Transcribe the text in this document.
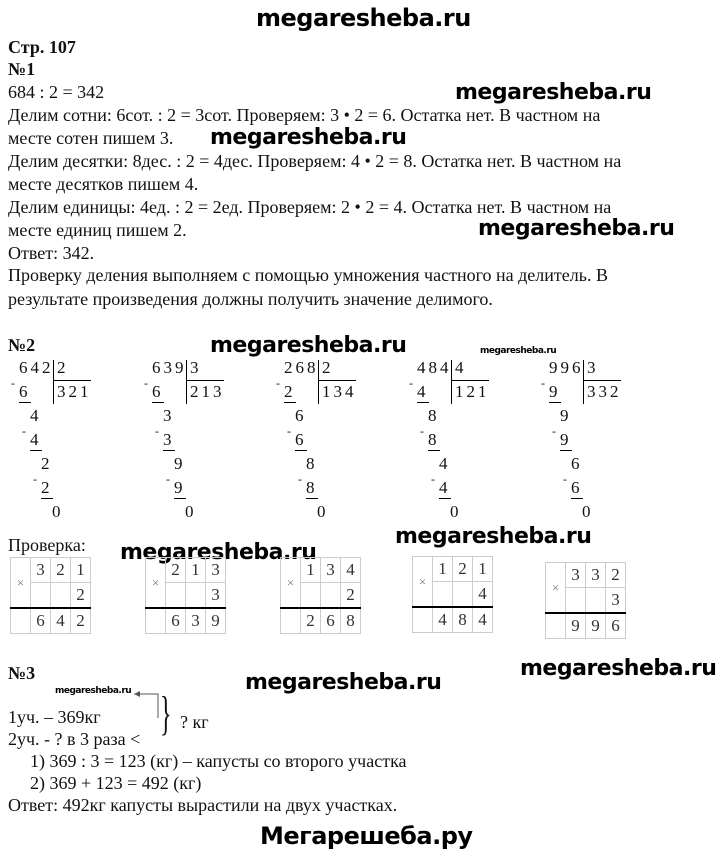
megaresheba.ru
Стр. 107
№1
684 : 2 = 342
Делим сотни: 6сот. : 2 = 3сот. Проверяем: 3 • 2 = 6. Остатка нет. В частном на
месте сотен пишем 3.
Делим десятки: 8дес. : 2 = 4дес. Проверяем: 4 • 2 = 8. Остатка нет. В частном на
месте десятков пишем 4.
Делим единицы: 4ед. : 2 = 2ед. Проверяем: 2 • 2 = 4. Остатка нет. В частном на
месте единиц пишем 2.
Ответ: 342.
Проверку деления выполняем с помощью умножения частного на делитель. В
результате произведения должны получить значение делимого.
megaresheba.ru
megaresheba.ru
megaresheba.ru
№2	megaresheba.ru	megaresheba.ru
642 2
321
- 6
4
- 4
2
- 2
0
639 3
213
- 6
3
- 3
9
- 9
0
268 2
134
- 2
6
- 6
8
- 8
0
484 4
121
- 4
8
- 8
4
- 4
0
996 3
332
- 9
9
- 9
6
- 6
0
megaresheba.ru
Проверка: megaresheba.ru
×	3	2	1
			2
	6	4	2
×	2	1	3
			3
	6	3	9
×	1	3	4
			2
	2	6	8
×	1	2	1
			4
	4	8	4
×	3	3	2
			3
	9	9	6
№3	megaresheba.ru
megaresheba.ru
megaresheba.ru
1уч. – 369кг
2уч. - ? в 3 раза < } ? кг
1) 369 : 3 = 123 (кг) – капусты со второго участка
2) 369 + 123 = 492 (кг)
Ответ: 492кг капусты вырастили на двух участках.
Мегарешеба.ру
